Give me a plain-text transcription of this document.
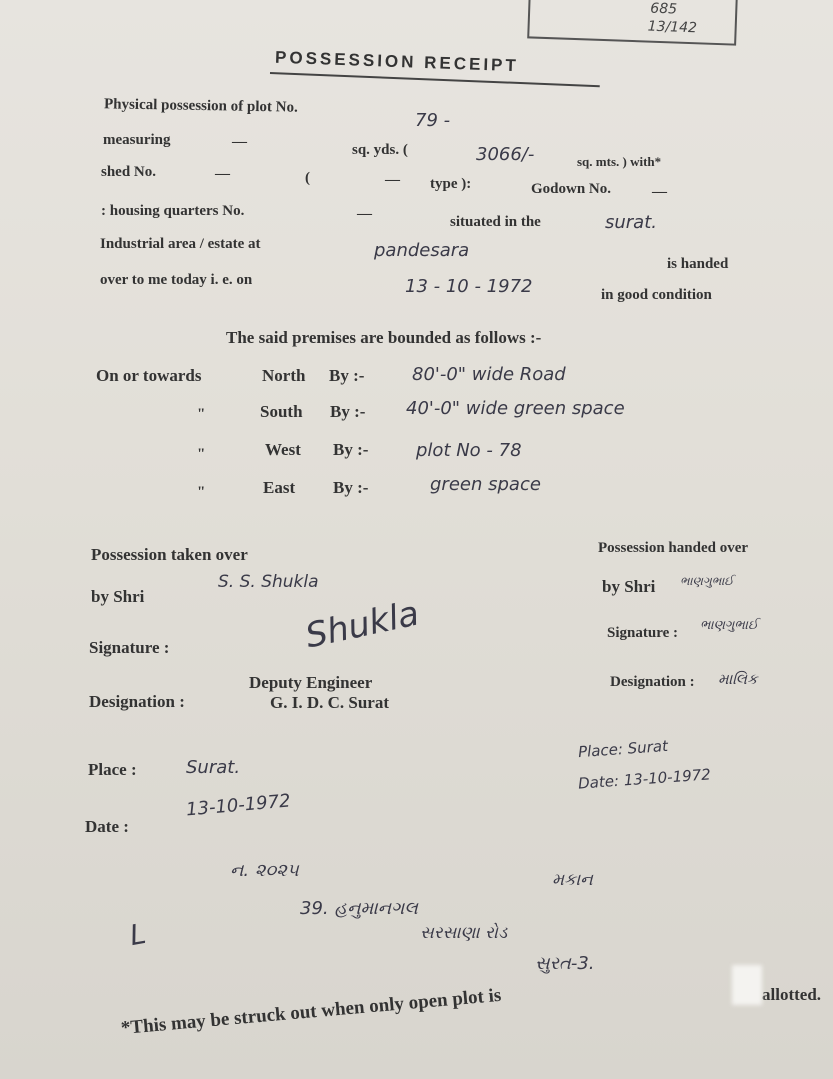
685
13/142
POSSESSION RECEIPT
Physical possession of plot No.
79 -
measuring	—	sq. yds. (	3066/-	sq. mts. ) with*
shed No.	—	(	— type ):	Godown No.	—
: housing quarters No.	—	situated in the	surat.
Industrial area / estate at	pandesara
is handed
over to me today i. e. on	13 - 10 - 1972	in good condition
The said premises are bounded as follows :-
On or towards	North By :-	80'-0" wide Road
"	South By :- 40'-0" wide green space
"	West By :-	plot No - 78
"	East By :-	green space
Possession taken over
by Shri
S. S. Shukla
Signature :	Shukla
Designation :
Deputy Engineer
G. I. D. C. Surat
Place :	Surat.
Date :
13-10-1972
Possession handed over
by Shri ભાણગુભાઈ
Signature : ભાણગુભાઈ
Designation : માલિક
Place: Surat
Date: 13-10-1972
ન. ૨૦૨૫	મકાન
39. હનુમાનગલ
સરસાણા રોડ
સુરત-3.
L
*This may be struck out when only open plot is	allotted.
